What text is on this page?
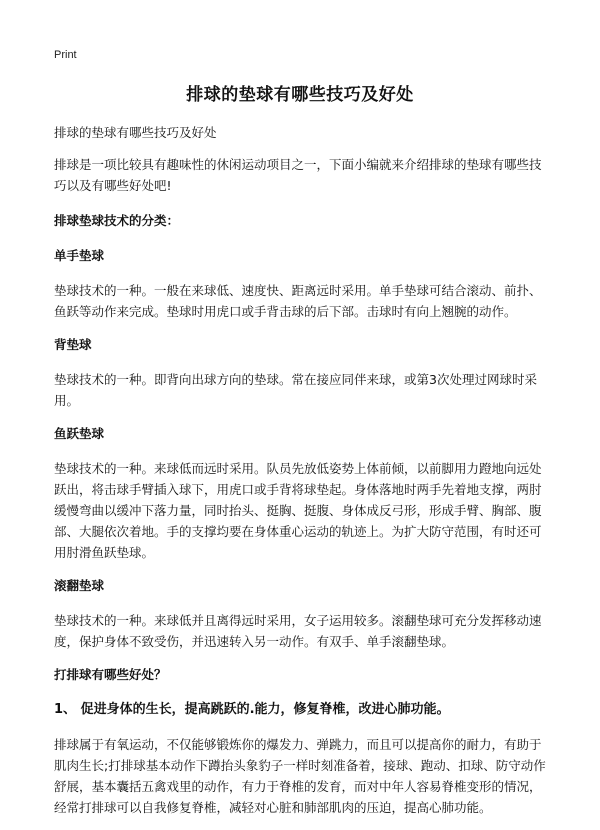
Print
排球的垫球有哪些技巧及好处

排球的垫球有哪些技巧及好处

排球是一项比较具有趣味性的休闲运动项目之一，下面小编就来介绍排球的垫球有哪些技巧以及有哪些好处吧!

排球垫球技术的分类：

单手垫球

垫球技术的一种。一般在来球低、速度快、距离远时采用。单手垫球可结合滚动、前扑、鱼跃等动作来完成。垫球时用虎口或手背击球的后下部。击球时有向上翘腕的动作。

背垫球

垫球技术的一种。即背向出球方向的垫球。常在接应同伴来球，或第3次处理过网球时采用。

鱼跃垫球

垫球技术的一种。来球低而远时采用。队员先放低姿势上体前倾，以前脚用力蹬地向远处跃出，将击球手臂插入球下，用虎口或手背将球垫起。身体落地时两手先着地支撑，两肘缓慢弯曲以缓冲下落力量，同时抬头、挺胸、挺腹、身体成反弓形，形成手臂、胸部、腹部、大腿依次着地。手的支撑均要在身体重心运动的轨迹上。为扩大防守范围，有时还可用肘滑鱼跃垫球。

滚翻垫球

垫球技术的一种。来球低并且离得远时采用，女子运用较多。滚翻垫球可充分发挥移动速度，保护身体不致受伤，并迅速转入另一动作。有双手、单手滚翻垫球。

打排球有哪些好处？

1、 促进身体的生长，提高跳跃的.能力，修复脊椎，改进心肺功能。

排球属于有氧运动，不仅能够锻炼你的爆发力、弹跳力，而且可以提高你的耐力，有助于肌肉生长;打排球基本动作下蹲抬头象豹子一样时刻准备着，接球、跑动、扣球、防守动作舒展，基本囊括五禽戏里的动作，有力于脊椎的发育，而对中年人容易脊椎变形的情况，经常打排球可以自我修复脊椎，减轻对心脏和肺部肌肉的压迫，提高心肺功能。
